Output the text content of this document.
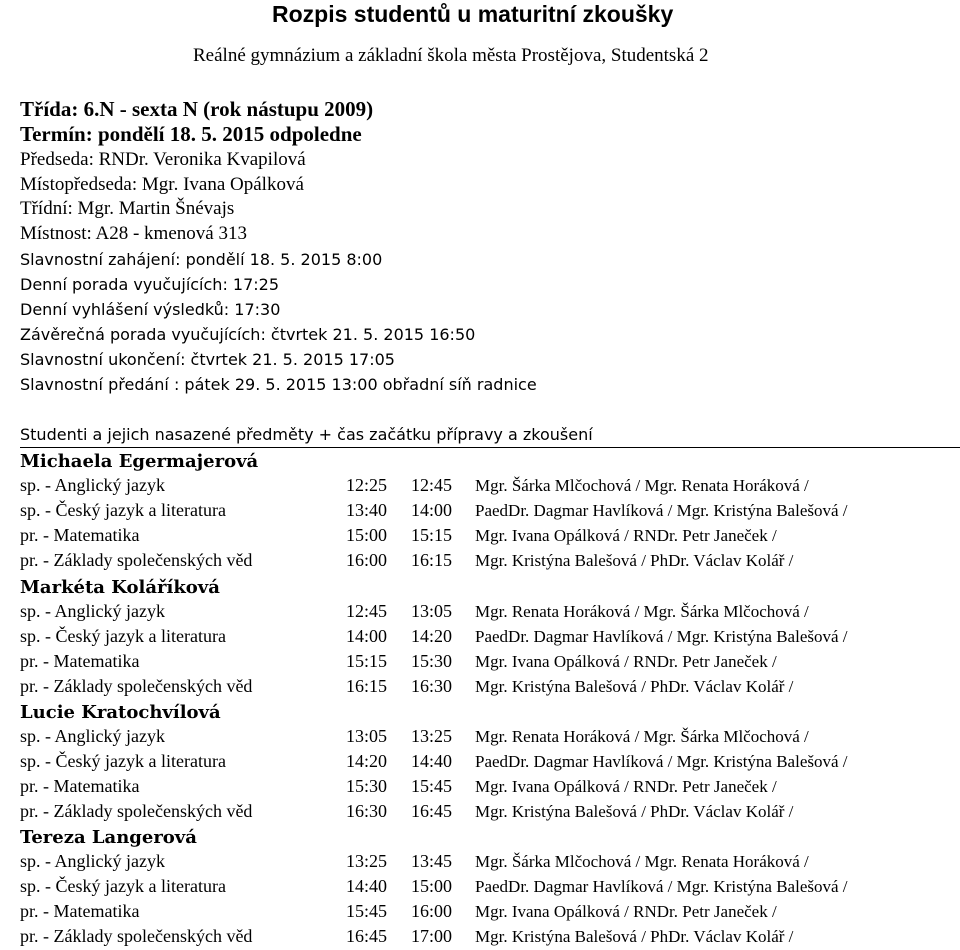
Rozpis studentů u maturitní zkoušky
Reálné gymnázium a základní škola města Prostějova, Studentská 2
Třída: 6.N - sexta N (rok nástupu 2009)
Termín: pondělí 18. 5. 2015 odpoledne
Předseda: RNDr. Veronika Kvapilová
Místopředseda: Mgr. Ivana Opálková
Třídní: Mgr. Martin Šnévajs
Místnost: A28 - kmenová 313
Slavnostní zahájení: pondělí 18. 5. 2015 8:00
Denní porada vyučujících: 17:25
Denní vyhlášení výsledků: 17:30
Závěrečná porada vyučujících: čtvrtek 21. 5. 2015 16:50
Slavnostní ukončení: čtvrtek 21. 5. 2015 17:05
Slavnostní předání : pátek 29. 5. 2015 13:00 obřadní síň radnice
Studenti a jejich nasazené předměty + čas začátku přípravy a zkoušení
Michaela Egermajerová
sp. - Anglický jazyk	12:25 12:45 Mgr. Šárka Mlčochová / Mgr. Renata Horáková /
sp. - Český jazyk a literatura	13:40 14:00 PaedDr. Dagmar Havlíková / Mgr. Kristýna Balešová /
pr. - Matematika	15:00 15:15 Mgr. Ivana Opálková / RNDr. Petr Janeček /
pr. - Základy společenských věd	16:00 16:15 Mgr. Kristýna Balešová / PhDr. Václav Kolář /
Markéta Koláříková
sp. - Anglický jazyk	12:45 13:05 Mgr. Renata Horáková / Mgr. Šárka Mlčochová /
sp. - Český jazyk a literatura	14:00 14:20 PaedDr. Dagmar Havlíková / Mgr. Kristýna Balešová /
pr. - Matematika	15:15 15:30 Mgr. Ivana Opálková / RNDr. Petr Janeček /
pr. - Základy společenských věd	16:15 16:30 Mgr. Kristýna Balešová / PhDr. Václav Kolář /
Lucie Kratochvílová
sp. - Anglický jazyk	13:05 13:25 Mgr. Renata Horáková / Mgr. Šárka Mlčochová /
sp. - Český jazyk a literatura	14:20 14:40 PaedDr. Dagmar Havlíková / Mgr. Kristýna Balešová /
pr. - Matematika	15:30 15:45 Mgr. Ivana Opálková / RNDr. Petr Janeček /
pr. - Základy společenských věd	16:30 16:45 Mgr. Kristýna Balešová / PhDr. Václav Kolář /
Tereza Langerová
sp. - Anglický jazyk	13:25 13:45 Mgr. Šárka Mlčochová / Mgr. Renata Horáková /
sp. - Český jazyk a literatura	14:40 15:00 PaedDr. Dagmar Havlíková / Mgr. Kristýna Balešová /
pr. - Matematika	15:45 16:00 Mgr. Ivana Opálková / RNDr. Petr Janeček /
pr. - Základy společenských věd	16:45 17:00 Mgr. Kristýna Balešová / PhDr. Václav Kolář /
